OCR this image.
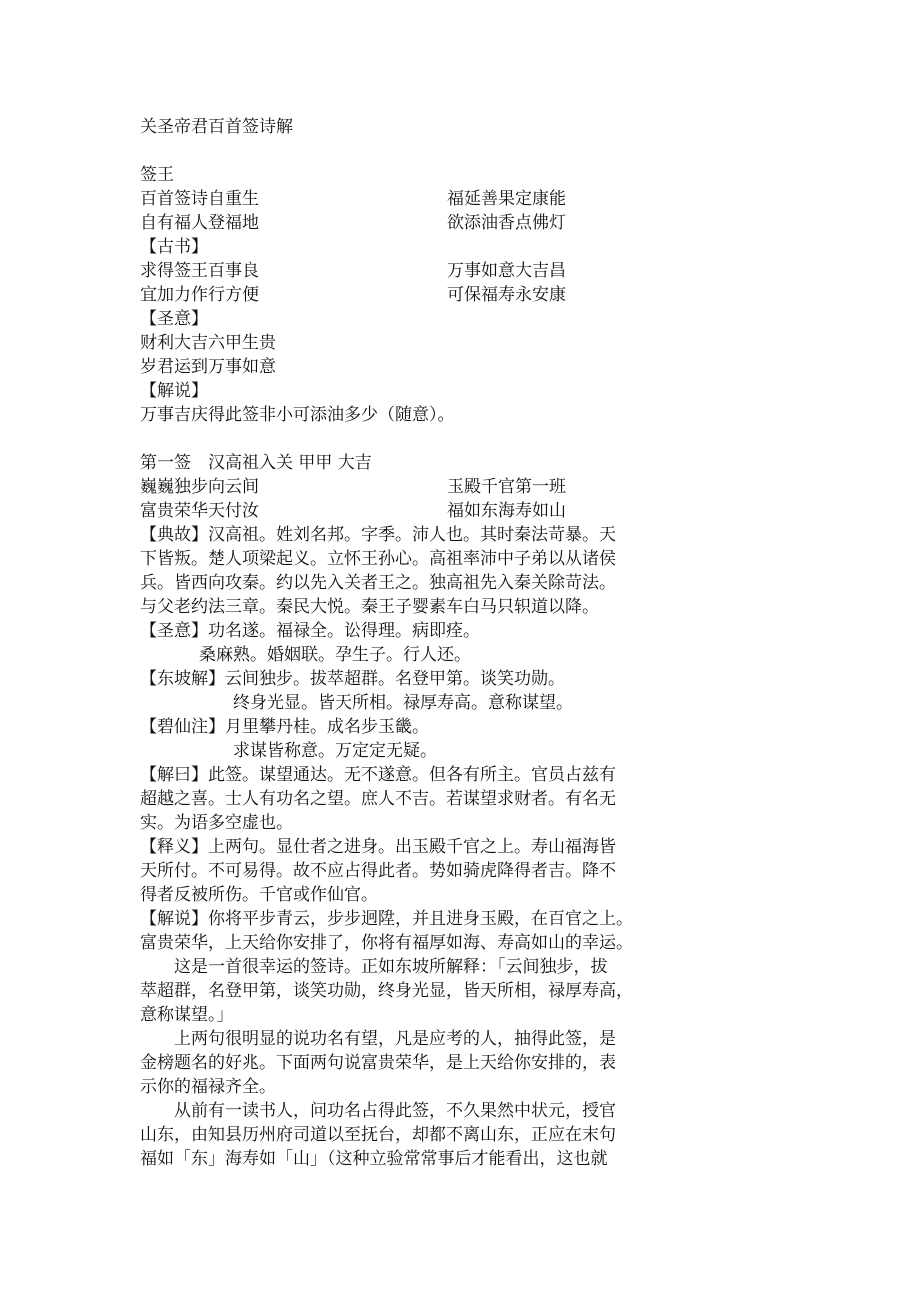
关圣帝君百首签诗解
签王
百首签诗自重生	福延善果定康能
自有福人登福地	欲添油香点佛灯
【古书】
求得签王百事良	万事如意大吉昌
宜加力作行方便	可保福寿永安康
【圣意】
财利大吉六甲生贵
岁君运到万事如意
【解说】
万事吉庆得此签非小可添油多少（随意）。
第一签　汉高祖入关 甲甲 大吉
巍巍独步向云间	玉殿千官第一班
富贵荣华天付汝	福如东海寿如山
【典故】汉高祖。姓刘名邦。字季。沛人也。其时秦法苛暴。天
下皆叛。楚人项梁起义。立怀王孙心。高祖率沛中子弟以从诸侯
兵。皆西向攻秦。约以先入关者王之。独高祖先入秦关除苛法。
与父老约法三章。秦民大悦。秦王子婴素车白马只轵道以降。
【圣意】功名遂。福禄全。讼得理。病即痊。
桑麻熟。婚姻联。孕生子。行人还。
【东坡解】云间独步。拔萃超群。名登甲第。谈笑功勋。
终身光显。皆天所相。禄厚寿高。意称谋望。
【碧仙注】月里攀丹桂。成名步玉畿。
求谋皆称意。万定定无疑。
【解曰】此签。谋望通达。无不遂意。但各有所主。官员占兹有
超越之喜。士人有功名之望。庶人不吉。若谋望求财者。有名无
实。为语多空虚也。
【释义】上两句。显仕者之进身。出玉殿千官之上。寿山福海皆
天所付。不可易得。故不应占得此者。势如骑虎降得者吉。降不
得者反被所伤。千官或作仙官。
【解说】你将平步青云，步步迥陞，并且进身玉殿，在百官之上。
富贵荣华，上天给你安排了，你将有福厚如海、寿高如山的幸运。
这是一首很幸运的签诗。正如东坡所解释：「云间独步，拔
萃超群，名登甲第，谈笑功勋，终身光显，皆天所相，禄厚寿高，
意称谋望。」
上两句很明显的说功名有望，凡是应考的人，抽得此签，是
金榜题名的好兆。下面两句说富贵荣华，是上天给你安排的，表
示你的福禄齐全。
从前有一读书人，问功名占得此签，不久果然中状元，授官
山东，由知县历州府司道以至抚台，却都不离山东，正应在末句
福如「东」海寿如「山」（这种立验常常事后才能看出，这也就
